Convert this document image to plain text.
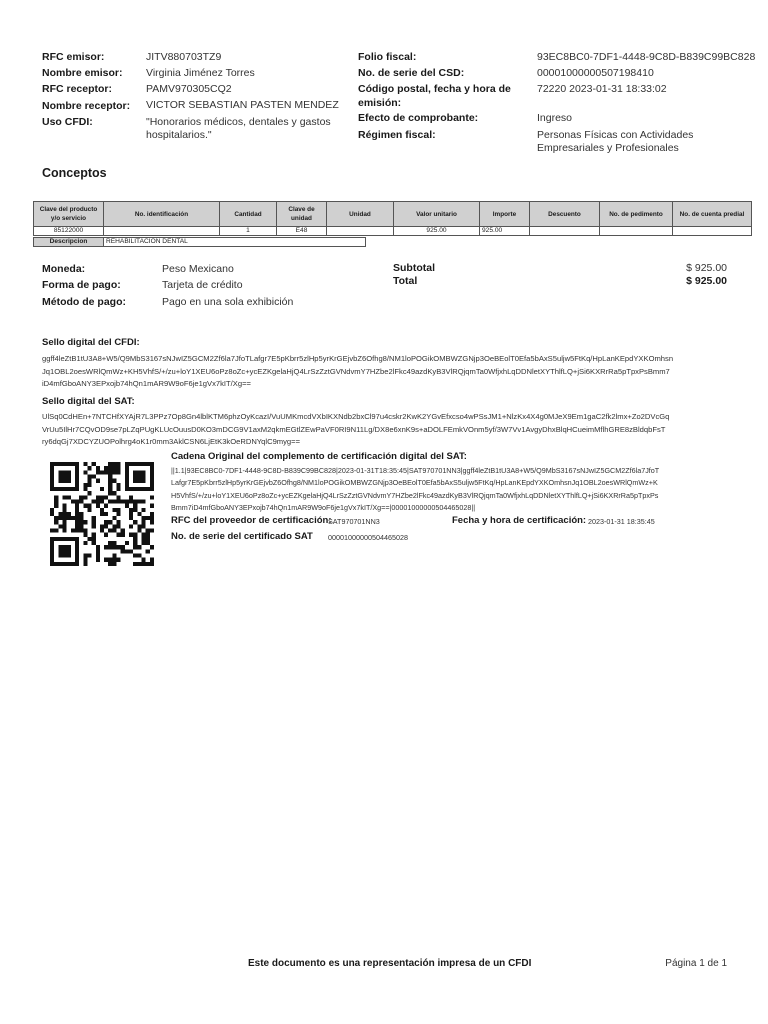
RFC emisor:	JITV880703TZ9
Nombre emisor: Virginia Jiménez Torres
RFC receptor:	PAMV970305CQ2
Nombre receptor: VICTOR SEBASTIAN PASTEN MENDEZ
Uso CFDI:	"Honorarios médicos, dentales y gastos
hospitalarios."
Folio fiscal:	93EC8BC0-7DF1-4448-9C8D-B839C99BC828
No. de serie del CSD:	00001000000507198410
Código postal, fecha y hora de
emisión:
72220 2023-01-31 18:33:02
Efecto de comprobante:	Ingreso
Régimen fiscal:	Personas Físicas con Actividades
Empresariales y Profesionales
Conceptos
Clave del producto
y/o servicio	No. identificación	Cantidad	Clave de
unidad	Unidad	Valor unitario	Importe	Descuento	No. de pedimento	No. de cuenta predial
85122000		1	E48		925.00	925.00			
Descripcion	REHABILITACION DENTAL
Moneda:	Peso Mexicano
Forma de pago:	Tarjeta de crédito
Método de pago:	Pago en una sola exhibición
Subtotal	$ 925.00
Total	$ 925.00
Sello digital del CFDI:
ggff4leZtB1tU3A8+W5/Q9MbS3167sNJwIZ5GCM2Zf6la7JfoTLafgr7E5pKbrr5zlHp5yrKrGEjvbZ6Ofhg8/NM1loPOGikOMBWZGNjp3OeBEolT0Efa5bAxS5uljw5FtKq/HpLanKEpdYXKOmhsn
Jq1OBL2oesWRlQmWz+KH5VhfS/+/zu+loY1XEU6oPz8oZc+ycEZKgelaHjQ4LrSzZztGVNdvmY7HZbe2lFkc49azdKyB3VlRQjqmTa0WfjxhLqDDNletXYThlfLQ+jSi6KXRrRa5pTpxPsBmm7
iD4mfGboANY3EPxojb74hQn1mAR9W9oF6je1gVx7kIT/Xg==
Sello digital del SAT:
UlSq0CdHEn+7NTCHfXYAjR7L3PPz7Op8Gn4lblKTM6phzOyKcazI/VuUMKmcdVXbIKXNdb2bxCl97u4cskr2KwK2YGvEfxcso4wPSsJM1+NlzKx4X4g0MJeX9Em1gaC2fk2lmx+Zo2DVcGq
VrUu5IlHr7CQvOD9se7pLZqPUgKLUcOuusD0KO3mDCG9V1axM2qkmEGtlZEwPaVF0RI9N11Lg/DX8e6xnK9s+aDOLFEmkVOnm5yf/3W7Vv1AvgyDhxBlqHCueimMflhGRE8zBldqbFsT
ry6dqGj7XDCYZUOPolhrg4oK1r0mm3AklCSN6LjEtK3kOeRDNYqlC9myg==
Cadena Original del complemento de certificación digital del SAT:
||1.1|93EC8BC0-7DF1-4448-9C8D-B839C99BC828|2023-01-31T18:35:45|SAT970701NN3|ggff4leZtB1tU3A8+W5/Q9MbS3167sNJwIZ5GCM2Zf6la7JfoT
Lafgr7E5pKbrr5zlHp5yrKrGEjvbZ6Ofhg8/NM1loPOGikOMBWZGNjp3OeBEolT0Efa5bAxS5uljw5FtKq/HpLanKEpdYXKOmhsnJq1OBL2oesWRlQmWz+K
H5VhfS/+/zu+loY1XEU6oPz8oZc+ycEZKgelaHjQ4LrSzZztGVNdvmY7HZbe2lFkc49azdKyB3VlRQjqmTa0WfjxhLqDDNletXYThlfLQ+jSi6KXRrRa5pTpxPs
Bmm7iD4mfGboANY3EPxojb74hQn1mAR9W9oF6je1gVx7kIT/Xg==|00001000000504465028||
RFC del proveedor de certificación:
SAT970701NN3	Fecha y hora de certificación: 2023-01-31 18:35:45
No. de serie del certificado SAT 00001000000504465028
Este documento es una representación impresa de un CFDI	Página 1 de 1
